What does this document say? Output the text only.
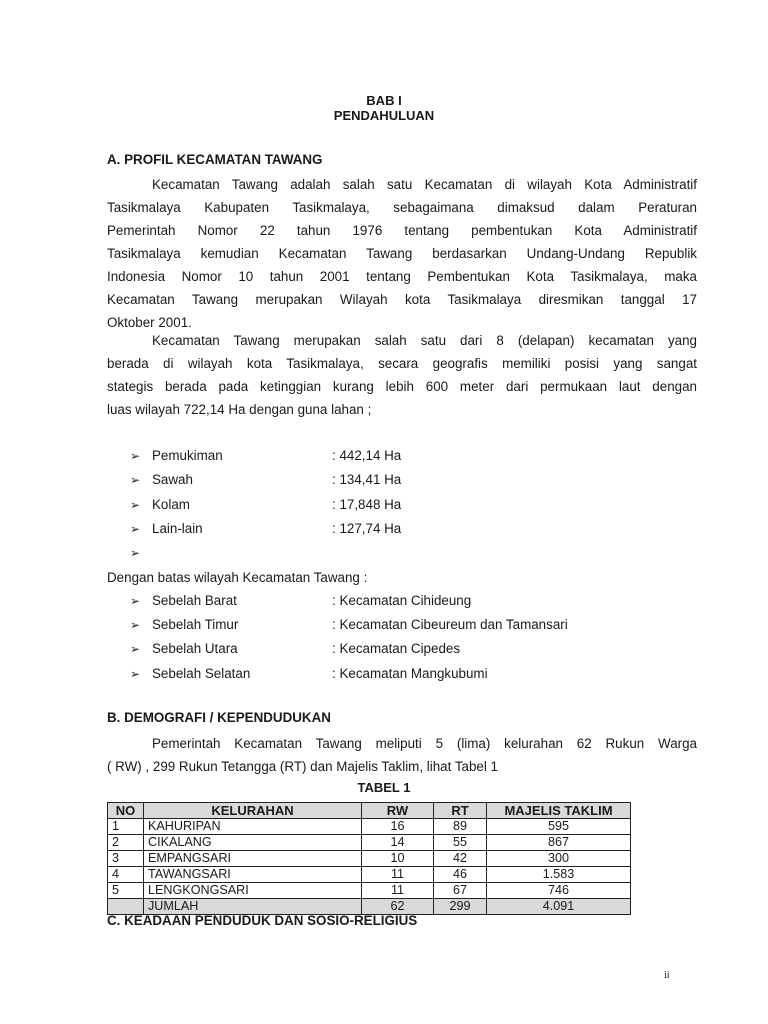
BAB I
PENDAHULUAN
A. PROFIL KECAMATAN TAWANG
Kecamatan Tawang adalah salah satu Kecamatan di wilayah Kota Administratif
Tasikmalaya Kabupaten Tasikmalaya, sebagaimana dimaksud dalam Peraturan
Pemerintah Nomor 22 tahun 1976 tentang pembentukan Kota Administratif
Tasikmalaya kemudian Kecamatan Tawang berdasarkan Undang-Undang Republik
Indonesia Nomor 10 tahun 2001 tentang Pembentukan Kota Tasikmalaya, maka
Kecamatan Tawang merupakan Wilayah kota Tasikmalaya diresmikan tanggal 17
Oktober 2001.
Kecamatan Tawang merupakan salah satu dari 8 (delapan) kecamatan yang
berada di wilayah kota Tasikmalaya, secara geografis memiliki posisi yang sangat
stategis berada pada ketinggian kurang lebih 600 meter dari permukaan laut dengan
luas wilayah 722,14 Ha dengan guna lahan ;
➢ Pemukiman	: 442,14 Ha
➢ Sawah	: 134,41 Ha
➢ Kolam	: 17,848 Ha
➢ Lain-lain	: 127,74 Ha
➢
Dengan batas wilayah Kecamatan Tawang :
➢ Sebelah Barat	: Kecamatan Cihideung
➢ Sebelah Timur	: Kecamatan Cibeureum dan Tamansari
➢ Sebelah Utara	: Kecamatan Cipedes
➢ Sebelah Selatan	: Kecamatan Mangkubumi
B. DEMOGRAFI / KEPENDUDUKAN
Pemerintah Kecamatan Tawang meliputi 5 (lima) kelurahan 62 Rukun Warga
( RW) , 299 Rukun Tetangga (RT) dan Majelis Taklim, lihat Tabel 1
TABEL 1
NO	KELURAHAN	RW	RT	MAJELIS TAKLIM
1	KAHURIPAN	16	89	595
2	CIKALANG	14	55	867
3	EMPANGSARI	10	42	300
4	TAWANGSARI	11	46	1.583
5	LENGKONGSARI	11	67	746
	JUMLAH	62	299	4.091
C. KEADAAN PENDUDUK DAN SOSIO-RELIGIUS
ii
